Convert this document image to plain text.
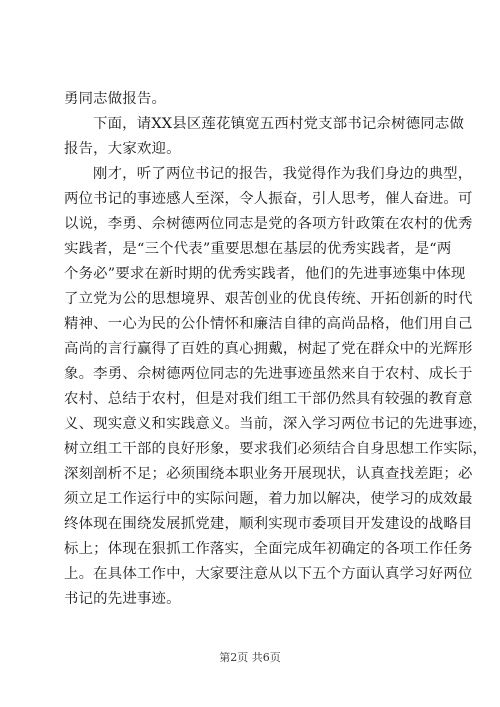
勇同志做报告。
下面，请XX县区莲花镇宽五西村党支部书记佘树德同志做
报告，大家欢迎。
刚才，听了两位书记的报告，我觉得作为我们身边的典型，
两位书记的事迹感人至深，令人振奋，引人思考，催人奋进。可
以说，李勇、佘树德两位同志是党的各项方针政策在农村的优秀
实践者，是“三个代表”重要思想在基层的优秀实践者，是“两
个务必”要求在新时期的优秀实践者，他们的先进事迹集中体现
了立党为公的思想境界、艰苦创业的优良传统、开拓创新的时代
精神、一心为民的公仆情怀和廉洁自律的高尚品格，他们用自己
高尚的言行赢得了百姓的真心拥戴，树起了党在群众中的光辉形
象。李勇、佘树德两位同志的先进事迹虽然来自于农村、成长于
农村、总结于农村，但是对我们组工干部仍然具有较强的教育意
义、现实意义和实践意义。当前，深入学习两位书记的先进事迹，
树立组工干部的良好形象，要求我们必须结合自身思想工作实际，
深刻剖析不足；必须围绕本职业务开展现状，认真查找差距；必
须立足工作运行中的实际问题，着力加以解决，使学习的成效最
终体现在围绕发展抓党建，顺利实现市委项目开发建设的战略目
标上；体现在狠抓工作落实，全面完成年初确定的各项工作任务
上。在具体工作中，大家要注意从以下五个方面认真学习好两位
书记的先进事迹。
第2页 共6页
